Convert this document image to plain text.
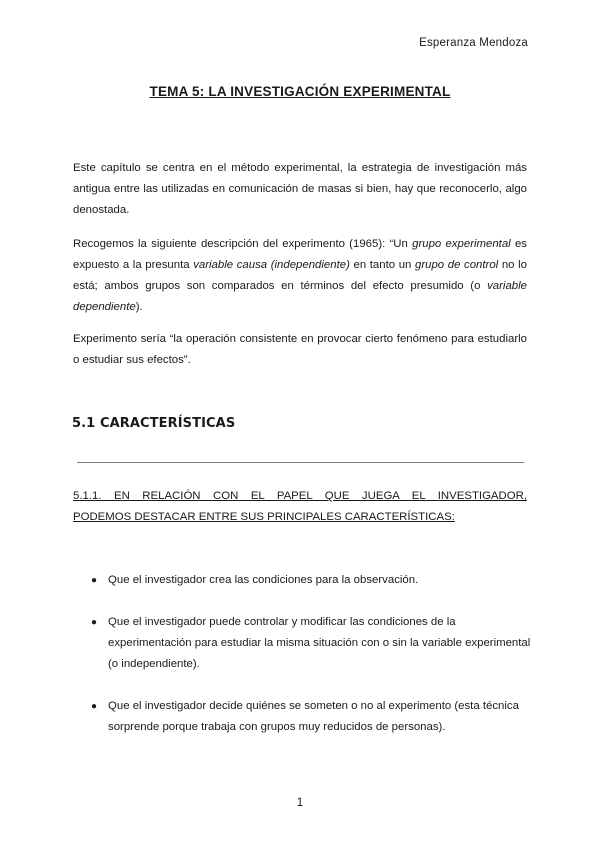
Esperanza Mendoza
TEMA 5: LA INVESTIGACIÓN EXPERIMENTAL

Este capítulo se centra en el método experimental, la estrategia de investigación más antigua entre las utilizadas en comunicación de masas si bien, hay que reconocerlo, algo denostada.

Recogemos la siguiente descripción del experimento (1965): “Un grupo experimental es expuesto a la presunta variable causa (independiente) en tanto un grupo de control no lo está; ambos grupos son comparados en términos del efecto presumido (o variable dependiente).

Experimento sería “la operación consistente en provocar cierto fenómeno para estudiarlo o estudiar sus efectos”.

5.1 CARACTERÍSTICAS

5.1.1. EN RELACIÓN CON EL PAPEL QUE JUEGA EL INVESTIGADOR,
PODEMOS DESTACAR ENTRE SUS PRINCIPALES CARACTERÍSTICAS:

● Que el investigador crea las condiciones para la observación.

● Que el investigador puede controlar y modificar las condiciones de la experimentación para estudiar la misma situación con o sin la variable experimental (o independiente).

● Que el investigador decide quiénes se someten o no al experimento (esta técnica sorprende porque trabaja con grupos muy reducidos de personas).

1
